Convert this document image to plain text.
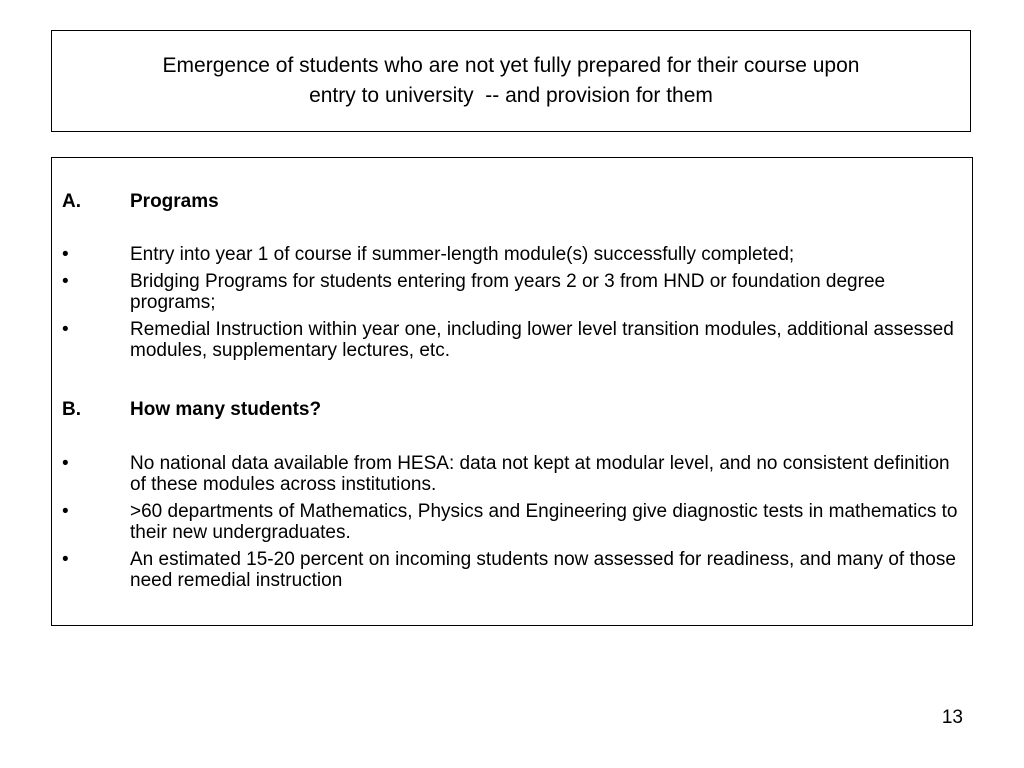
Emergence of students who are not yet fully prepared for their course upon
entry to university  -- and provision for them
A.	Programs
•	Entry into year 1 of course if summer-length module(s) successfully completed;
•	Bridging Programs for students entering from years 2 or 3 from HND or foundation degree programs;
•	Remedial Instruction within year one, including lower level transition modules, additional assessed modules, supplementary lectures, etc.
B.	How many students?
•	No national data available from HESA: data not kept at modular level, and no consistent definition of these modules across institutions.
•	>60 departments of Mathematics, Physics and Engineering give diagnostic tests in mathematics to their new undergraduates.
•	An estimated 15-20 percent on incoming students now assessed for readiness, and many of those need remedial instruction
13
